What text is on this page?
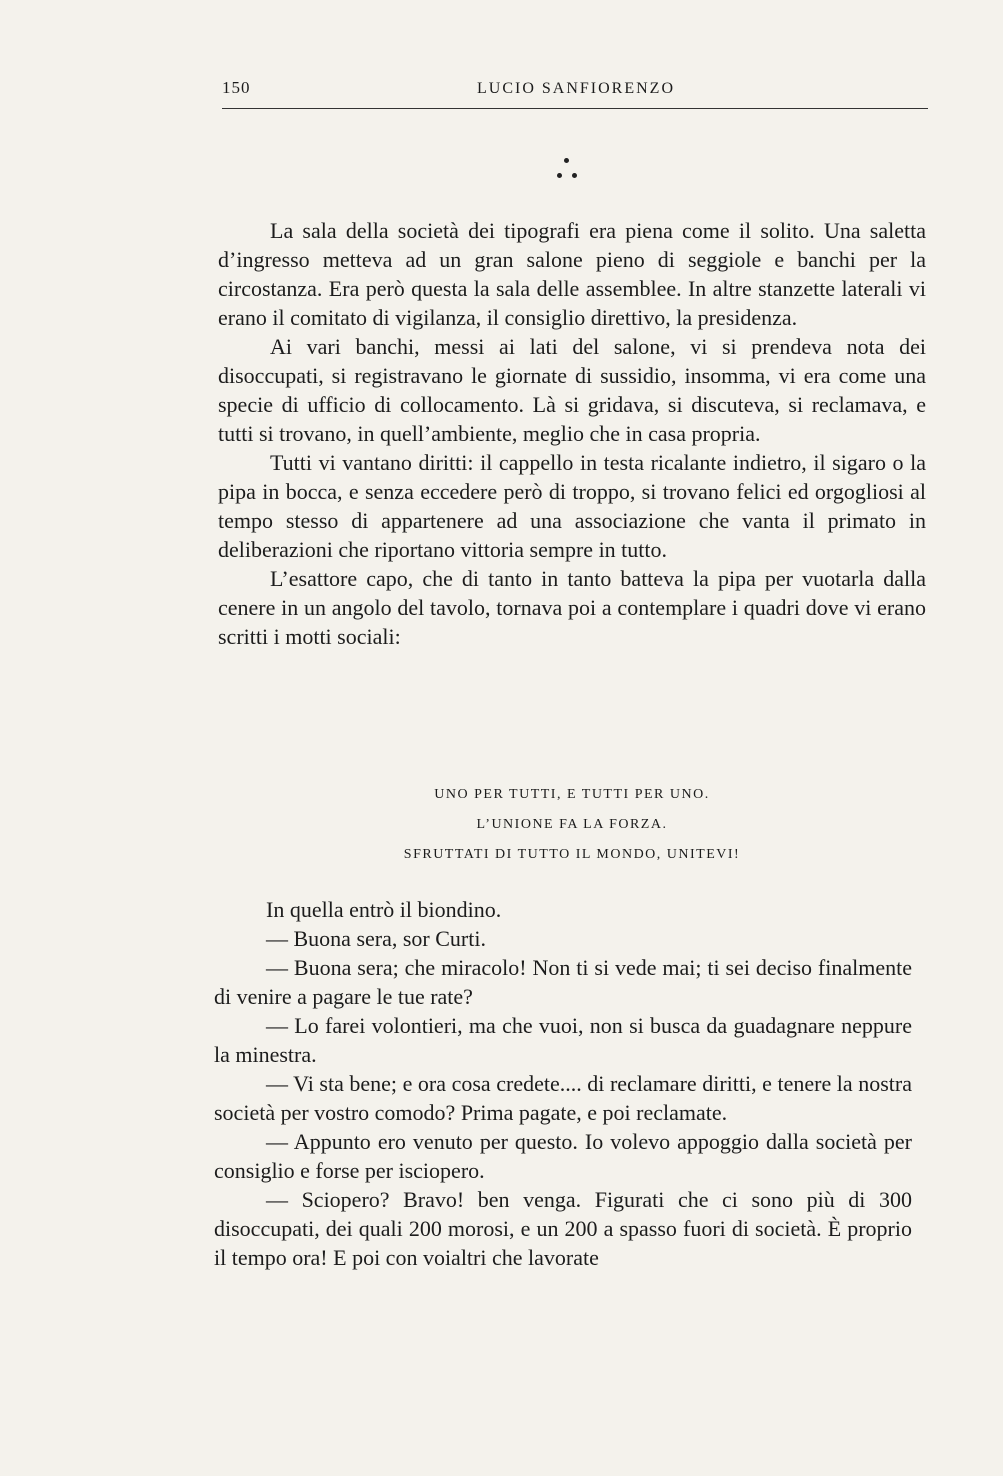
150	LUCIO SANFIORENZO

La sala della società dei tipografi era piena come il solito. Una saletta d’ingresso metteva ad un gran salone pieno di seggiole e banchi per la circostanza. Era però questa la sala delle assemblee. In altre stanzette laterali vi erano il comitato di vigilanza, il consiglio direttivo, la presidenza.

Ai vari banchi, messi ai lati del salone, vi si prendeva nota dei disoccupati, si registravano le giornate di sussidio, insomma, vi era come una specie di ufficio di collocamento. Là si gridava, si discuteva, si reclamava, e tutti si trovano, in quell’ambiente, meglio che in casa propria.

Tutti vi vantano diritti: il cappello in testa ricalante indietro, il sigaro o la pipa in bocca, e senza eccedere però di troppo, si trovano felici ed orgogliosi al tempo stesso di appartenere ad una associazione che vanta il primato in deliberazioni che riportano vittoria sempre in tutto.

L’esattore capo, che di tanto in tanto batteva la pipa per vuotarla dalla cenere in un angolo del tavolo, tornava poi a contemplare i quadri dove vi erano scritti i motti sociali:

UNO PER TUTTI, E TUTTI PER UNO.
L’UNIONE FA LA FORZA.
SFRUTTATI DI TUTTO IL MONDO, UNITEVI!

In quella entrò il biondino.

— Buona sera, sor Curti.

— Buona sera; che miracolo! Non ti si vede mai; ti sei deciso finalmente di venire a pagare le tue rate?

— Lo farei volontieri, ma che vuoi, non si busca da guadagnare neppure la minestra.

— Vi sta bene; e ora cosa credete.... di reclamare diritti, e tenere la nostra società per vostro comodo? Prima pagate, e poi reclamate.

— Appunto ero venuto per questo. Io volevo appoggio dalla società per consiglio e forse per isciopero.

— Sciopero? Bravo! ben venga. Figurati che ci sono più di 300 disoccupati, dei quali 200 morosi, e un 200 a spasso fuori di società. È proprio il tempo ora! E poi con voialtri che lavorate
